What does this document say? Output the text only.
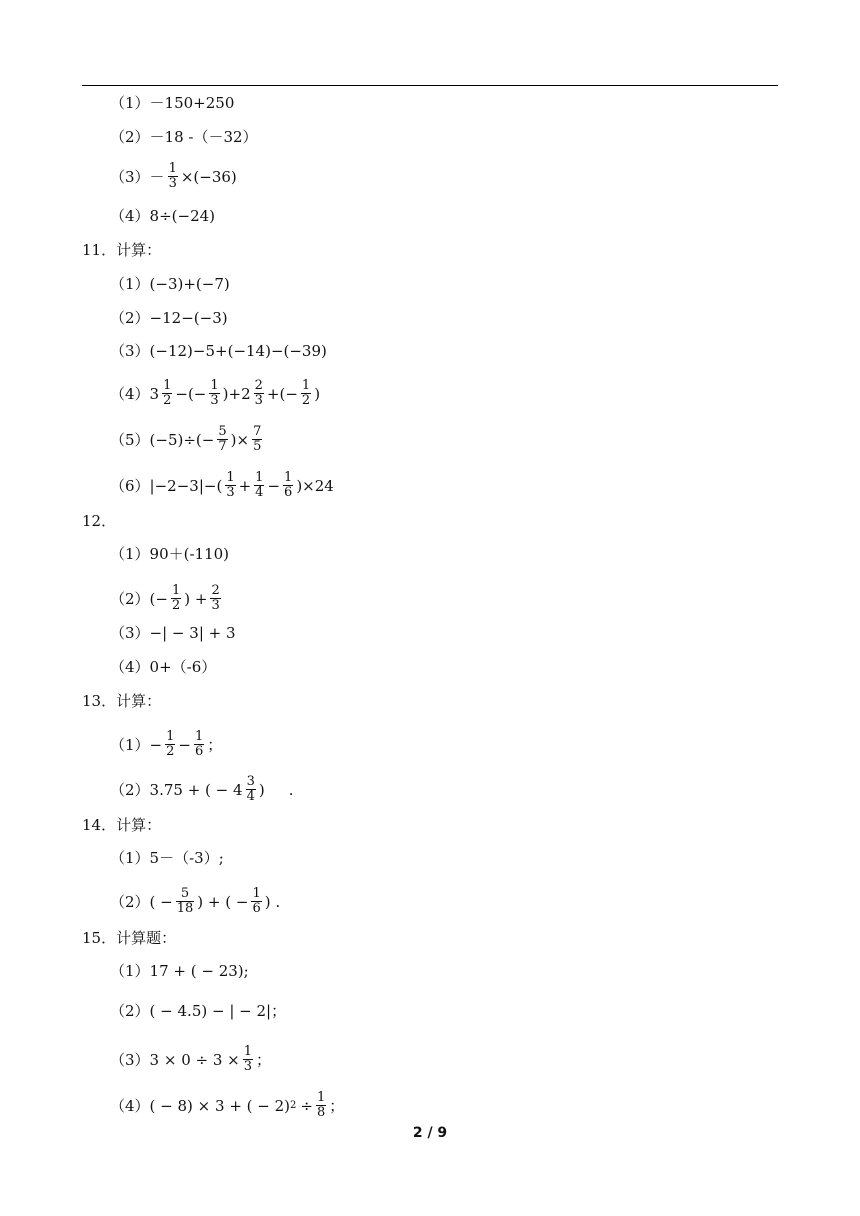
（1） －150+250
（2） －18 -（－32）
$(3) - \frac{1}{3} \times(-36)$
（4） 8÷(−24)
11．计算：
（1） (−3)+(−7)
（2） −12−(−3)
（3） (−12)−5+(−14)−(−39)
（4） $3 \frac{1}{2}$ −(− $\frac{1}{3} )+2 \frac{2}{3}$ +(− $\frac{1}{2}$ )
（5） $(-5)\div(- \frac{5}{7}$ )× $\frac{7}{5}$
（6） $|-2-3|-( \frac{1}{3} + \frac{1}{4} - \frac{1}{6} )\times 24$
12．
（1） 90＋(-110)
（2） (− $\frac{1}{2}$ ) + $\frac{2}{3}$
（3） −| − 3| + 3
（4） 0+（-6）
13．计算：
$(1) - \frac{1}{2} - \frac{1}{6}$ ；
（2） 3.75 + ( − $4 \frac{3}{4}$ ) .
14．计算：
（1） 5－（-3）;
（2） ( − $\frac{5}{18}$ ) + ( − $\frac{1}{6}$ ) .
15．计算题：
（1） 17 + ( − 23);
（2） ( − 4.5) − | − 2|；
（3） $3 \times 0 \div 3 \times \frac{1}{3}$ ；
（4） ( − 8) × 3 + ( − 2) $2 \div \frac{1}{8}$ ；
2 / 9
